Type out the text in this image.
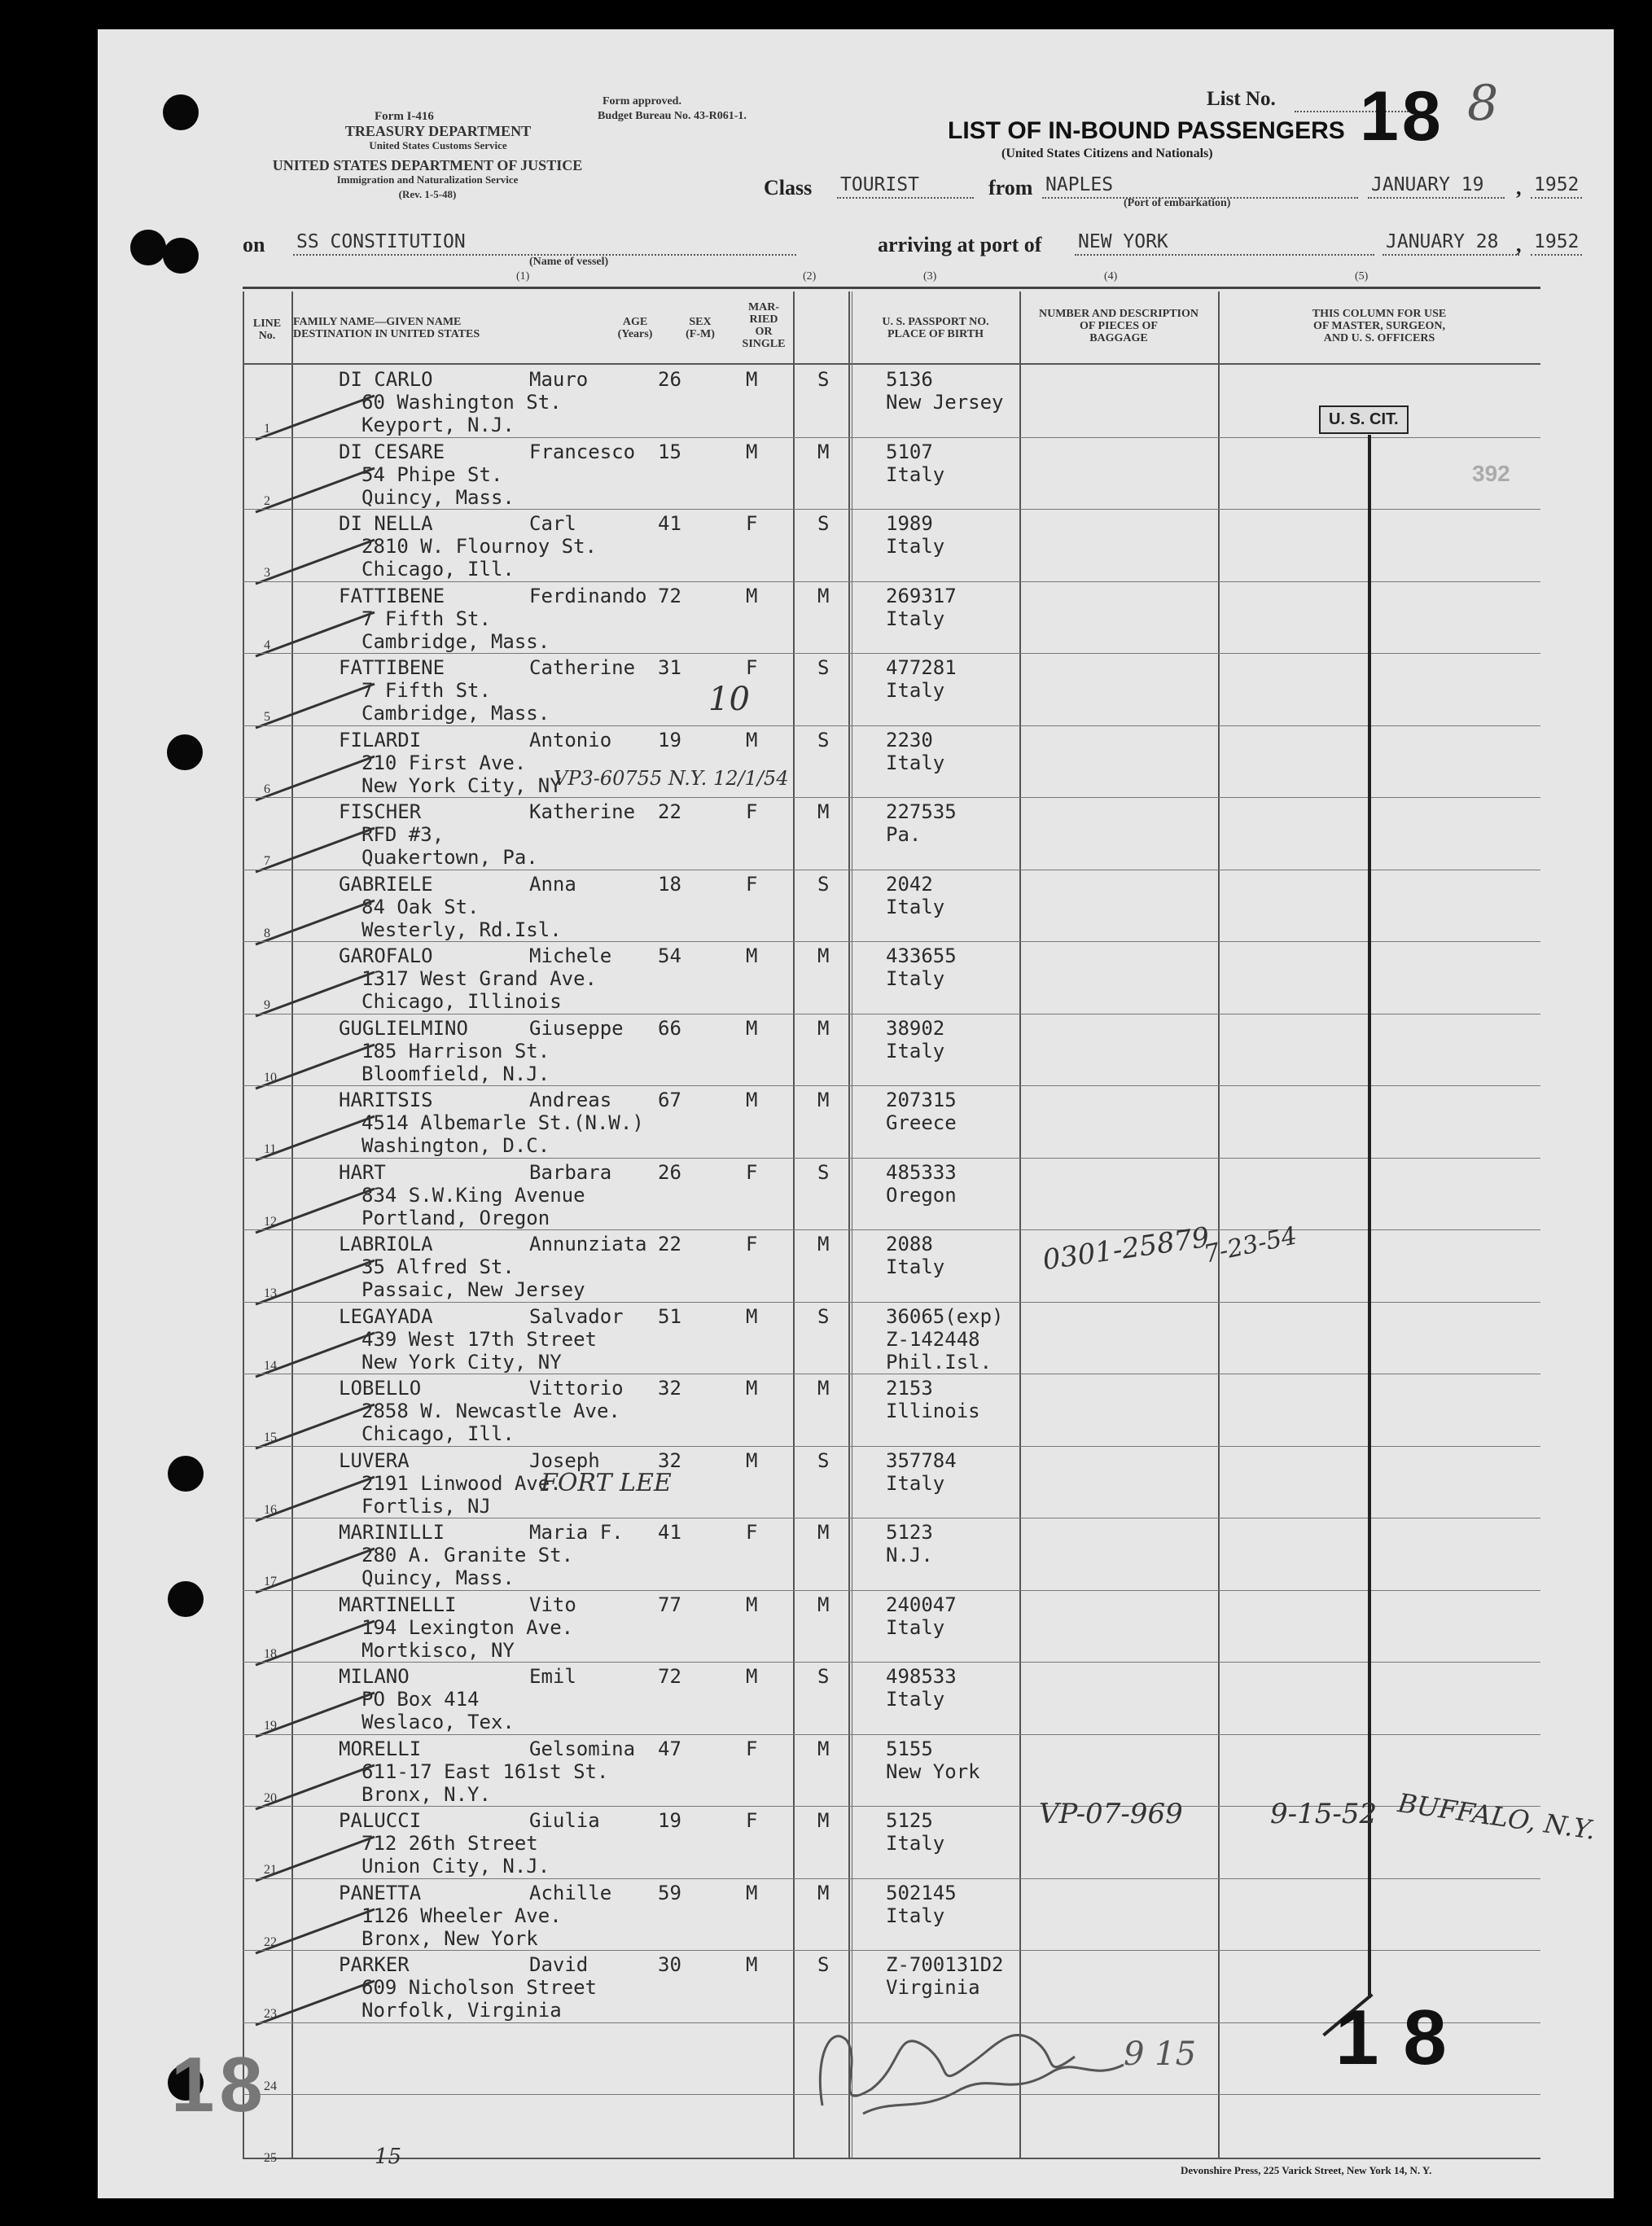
Form I-416
TREASURY DEPARTMENT
United States Customs Service
UNITED STATES DEPARTMENT OF JUSTICE
Immigration and Naturalization Service
(Rev. 1-5-48)
Form approved.
Budget Bureau No. 43-R061-1.
List No. 18 8
LIST OF IN-BOUND PASSENGERS
(United States Citizens and Nationals)
Class TOURIST	from NAPLES	JANUARY 19	, 1952
(Port of embarkation)
on SS CONSTITUTION
(Name of vessel)
arriving at port of NEW YORK	JANUARY 28 , 1952
(1)	(2)	(3)	(4)	(5)
LINE No.
FAMILY NAME—GIVEN NAME
DESTINATION IN UNITED STATES
AGE
(Years)
SEX
(F-M)
MAR-
RIED
OR
SINGLE
U. S. PASSPORT NO.
PLACE OF BIRTH
NUMBER AND DESCRIPTION
OF PIECES OF
BAGGAGE
THIS COLUMN FOR USE
OF MASTER, SURGEON,
AND U. S. OFFICERS
1
DI CARLO	Mauro
60 Washington St.
Keyport, N.J.
26	M	S	5136
New Jersey
2
DI CESARE	Francesco
54 Phipe St.
Quincy, Mass.
15	M	M	5107
Italy
3
DI NELLA	Carl
2810 W. Flournoy St.
Chicago, Ill.
41	F	S	1989
Italy
4
FATTIBENE	Ferdinando
7 Fifth St.
Cambridge, Mass.
72	M	M	269317
Italy
5
FATTIBENE	Catherine
7 Fifth St.
Cambridge, Mass.
31	F	S	477281
Italy
6
FILARDI	Antonio
210 First Ave.
New York City, NY
19	M	S	2230
Italy
7
FISCHER	Katherine
RFD #3,
Quakertown, Pa.
22	F	M	227535
Pa.
8
GABRIELE	Anna
84 Oak St.
Westerly, Rd.Isl.
18	F	S	2042
Italy
9
GAROFALO	Michele
1317 West Grand Ave.
Chicago, Illinois
54	M	M	433655
Italy
10
GUGLIELMINO	Giuseppe
185 Harrison St.
Bloomfield, N.J.
66	M	M	38902
Italy
11
HARITSIS	Andreas
4514 Albemarle St.(N.W.)
Washington, D.C.
67	M	M	207315
Greece
12
HART	Barbara
834 S.W.King Avenue
Portland, Oregon
26	F	S	485333
Oregon
13
LABRIOLA	Annunziata
35 Alfred St.
Passaic, New Jersey
22	F	M	2088
Italy
14
LEGAYADA	Salvador
439 West 17th Street
New York City, NY
51	M	S	36065(exp)
Z-142448
Phil.Isl.
15
LOBELLO	Vittorio
2858 W. Newcastle Ave.
Chicago, Ill.
32	M	M	2153
Illinois
16
LUVERA	Joseph
2191 Linwood Ave.
Fortlis, NJ
32	M	S	357784
Italy
17
MARINILLI	Maria F.
280 A. Granite St.
Quincy, Mass.
41	F	M	5123
N.J.
18
MARTINELLI	Vito
194 Lexington Ave.
Mortkisco, NY
77	M	M	240047
Italy
19
MILANO	Emil
PO Box 414
Weslaco, Tex.
72	M	S	498533
Italy
20
MORELLI	Gelsomina
611-17 East 161st St.
Bronx, N.Y.
47	F	M	5155
New York
21
PALUCCI	Giulia
712 26th Street
Union City, N.J.
19	F	M	5125
Italy
22
PANETTA	Achille
1126 Wheeler Ave.
Bronx, New York
59	M	M	502145
Italy
23
PARKER	David
609 Nicholson Street
Norfolk, Virginia
30	M	S	Z-700131D2
Virginia
24
25
U. S. CIT.
392
VP3-60755 N.Y. 12/1/54
10
0301-25879
7-23-54
FORT LEE
VP-07-969	9-15-52 BUFFALO, N.Y.
9 15 18
18
15
Devonshire Press, 225 Varick Street, New York 14, N. Y.
